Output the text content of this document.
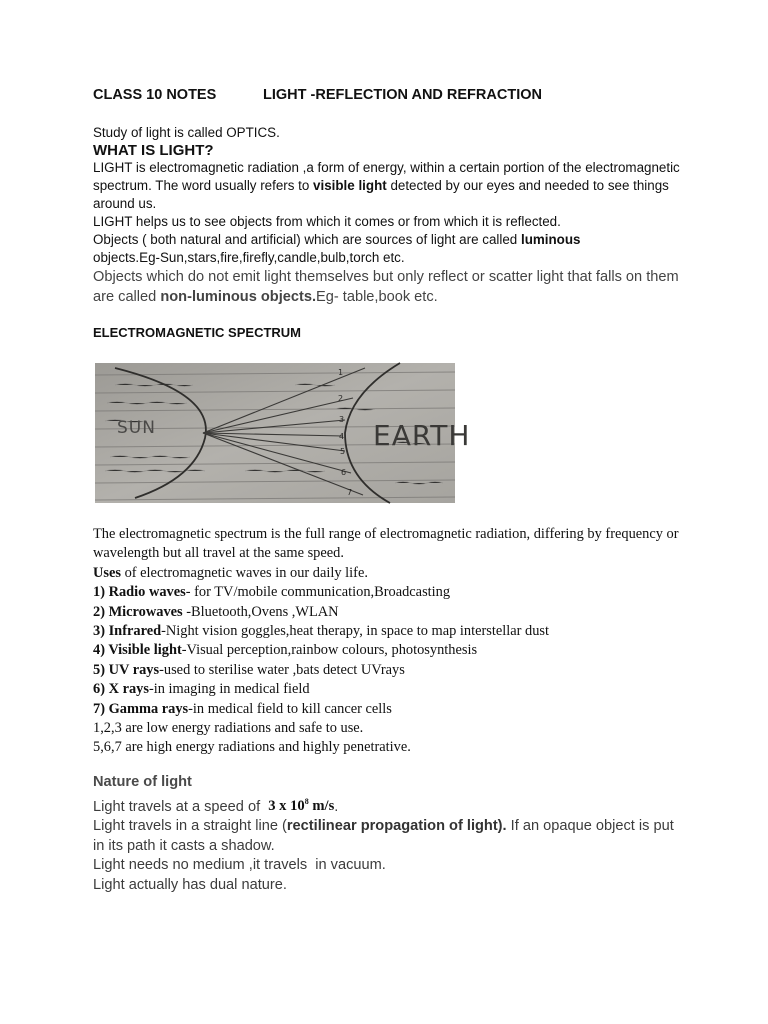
CLASS 10 NOTES	LIGHT -REFLECTION AND REFRACTION
Study of light is called OPTICS.
WHAT IS LIGHT?
LIGHT is electromagnetic radiation ,a form of energy, within a certain portion of the electromagnetic spectrum. The word usually refers to visible light detected by our eyes and needed to see things around us.
LIGHT helps us to see objects from which it comes or from which it is reflected.
Objects ( both natural and artificial) which are sources of light are called luminous
objects.Eg-Sun,stars,fire,firefly,candle,bulb,torch etc.
Objects which do not emit light themselves but only reflect or scatter light that falls on them are called non-luminous objects.Eg- table,book etc.
ELECTROMAGNETIC SPECTRUM
SUN	EARTH
1
2
3
4
5
6
7
The electromagnetic spectrum is the full range of electromagnetic radiation, differing by frequency or wavelength but all travel at the same speed.
Uses of electromagnetic waves in our daily life.
1) Radio waves- for TV/mobile communication,Broadcasting
2) Microwaves -Bluetooth,Ovens ,WLAN
3) Infrared-Night vision goggles,heat therapy, in space to map interstellar dust
4) Visible light-Visual perception,rainbow colours, photosynthesis
5) UV rays-used to sterilise water ,bats detect UVrays
6) X rays-in imaging in medical field
7) Gamma rays-in medical field to kill cancer cells
1,2,3 are low energy radiations and safe to use.
5,6,7 are high energy radiations and highly penetrative.
Nature of light
Light travels at a speed of  3 x $10^8$ m/s.
Light travels in a straight line (rectilinear propagation of light). If an opaque object is put in its path it casts a shadow.
Light needs no medium ,it travels  in vacuum.
Light actually has dual nature.
